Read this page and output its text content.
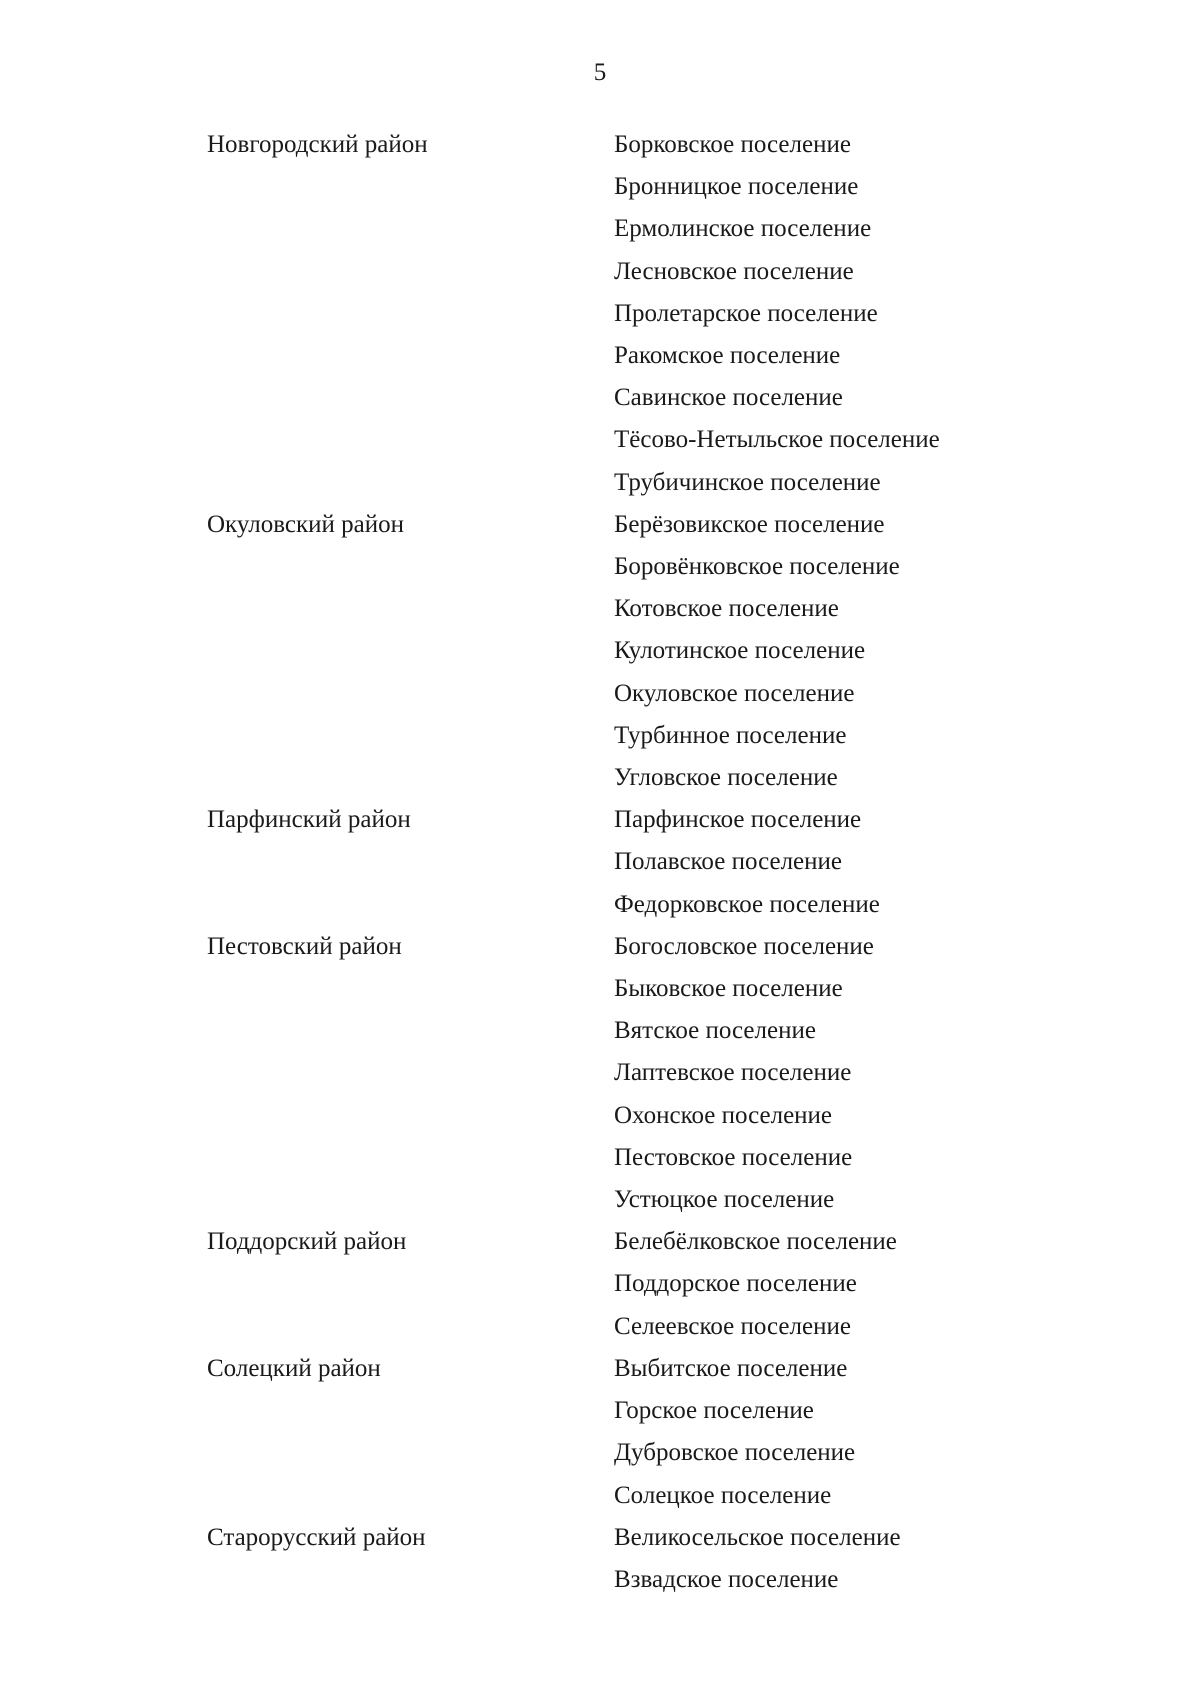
5
Новгородский район	Борковское поселение
Бронницкое поселение
Ермолинское поселение
Лесновское поселение
Пролетарское поселение
Ракомское поселение
Савинское поселение
Тёсово-Нетыльское поселение
Трубичинское поселение
Окуловский район	Берёзовикское поселение
Боровёнковское поселение
Котовское поселение
Кулотинское поселение
Окуловское поселение
Турбинное поселение
Угловское поселение
Парфинский район	Парфинское поселение
Полавское поселение
Федорковское поселение
Пестовский район	Богословское поселение
Быковское поселение
Вятское поселение
Лаптевское поселение
Охонское поселение
Пестовское поселение
Устюцкое поселение
Поддорский район	Белебёлковское поселение
Поддорское поселение
Селеевское поселение
Солецкий район	Выбитское поселение
Горское поселение
Дубровское поселение
Солецкое поселение
Старорусский район	Великосельское поселение
Взвадское поселение
